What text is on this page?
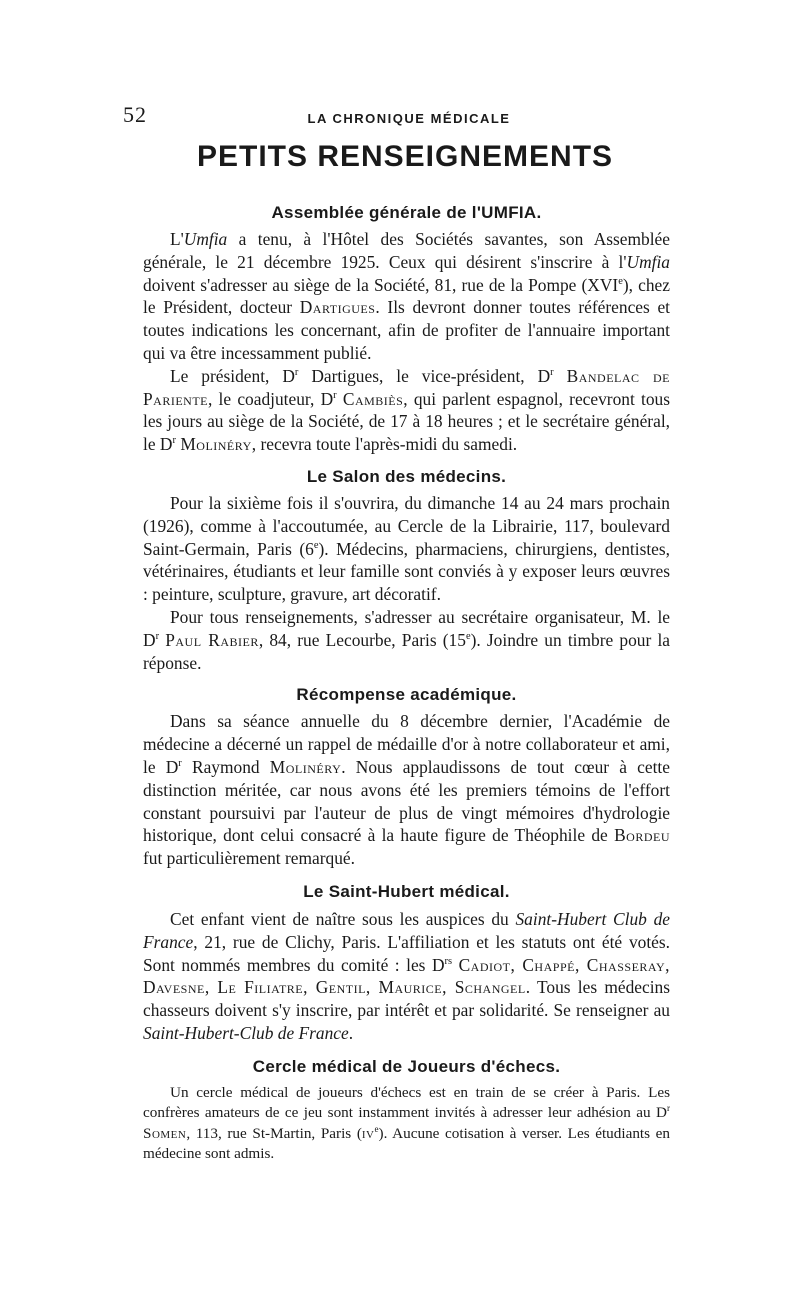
52	LA CHRONIQUE MÉDICALE
PETITS RENSEIGNEMENTS
Assemblée générale de l'UMFIA.

L'Umfia a tenu, à l'Hôtel des Sociétés savantes, son Assemblée générale, le 21 décembre 1925. Ceux qui désirent s'inscrire à l'Umfia doivent s'adresser au siège de la Société, 81, rue de la Pompe (XVIe), chez le Président, docteur Dartigues. Ils devront donner toutes références et toutes indications les concernant, afin de profiter de l'annuaire important qui va être incessamment publié.

Le président, $D^r$ Dartigues, le vice-président, $D^r$ Bandelac de Pariente, le coadjuteur, $D^r$ Cambiès, qui parlent espagnol, recevront tous les jours au siège de la Société, de 17 à 18 heures ; et le secrétaire général, le $D^r$ Molinéry, recevra toute l'après-midi du samedi.

Le Salon des médecins.

Pour la sixième fois il s'ouvrira, du dimanche 14 au 24 mars prochain (1926), comme à l'accoutumée, au Cercle de la Librairie, 117, boulevard Saint-Germain, Paris (6e). Médecins, pharmaciens, chirurgiens, dentistes, vétérinaires, étudiants et leur famille sont conviés à y exposer leurs œuvres : peinture, sculpture, gravure, art décoratif.

Pour tous renseignements, s'adresser au secrétaire organisateur, M. le $D^r$ Paul Rabier, 84, rue Lecourbe, Paris (15e). Joindre un timbre pour la réponse.

Récompense académique.

Dans sa séance annuelle du 8 décembre dernier, l'Académie de médecine a décerné un rappel de médaille d'or à notre collaborateur et ami, le $D^r$ Raymond Molinéry. Nous applaudissons de tout cœur à cette distinction méritée, car nous avons été les premiers témoins de l'effort constant poursuivi par l'auteur de plus de vingt mémoires d'hydrologie historique, dont celui consacré à la haute figure de Théophile de Bordeu fut particulièrement remarqué.

Le Saint-Hubert médical.

Cet enfant vient de naître sous les auspices du Saint-Hubert Club de France, 21, rue de Clichy, Paris. L'affiliation et les statuts ont été votés. Sont nommés membres du comité : les $D^{rs}$ Cadiot, Chappé, Chasseray, Davesne, Le Filiatre, Gentil, Maurice, Schangel. Tous les médecins chasseurs doivent s'y inscrire, par intérêt et par solidarité. Se renseigner au Saint-Hubert-Club de France.

Cercle médical de Joueurs d'échecs.

Un cercle médical de joueurs d'échecs est en train de se créer à Paris. Les confrères amateurs de ce jeu sont instamment invités à adresser leur adhésion au $D^r$ Somen, 113, rue St-Martin, Paris $(iv^e)$. Aucune cotisation à verser. Les étudiants en médecine sont admis.
